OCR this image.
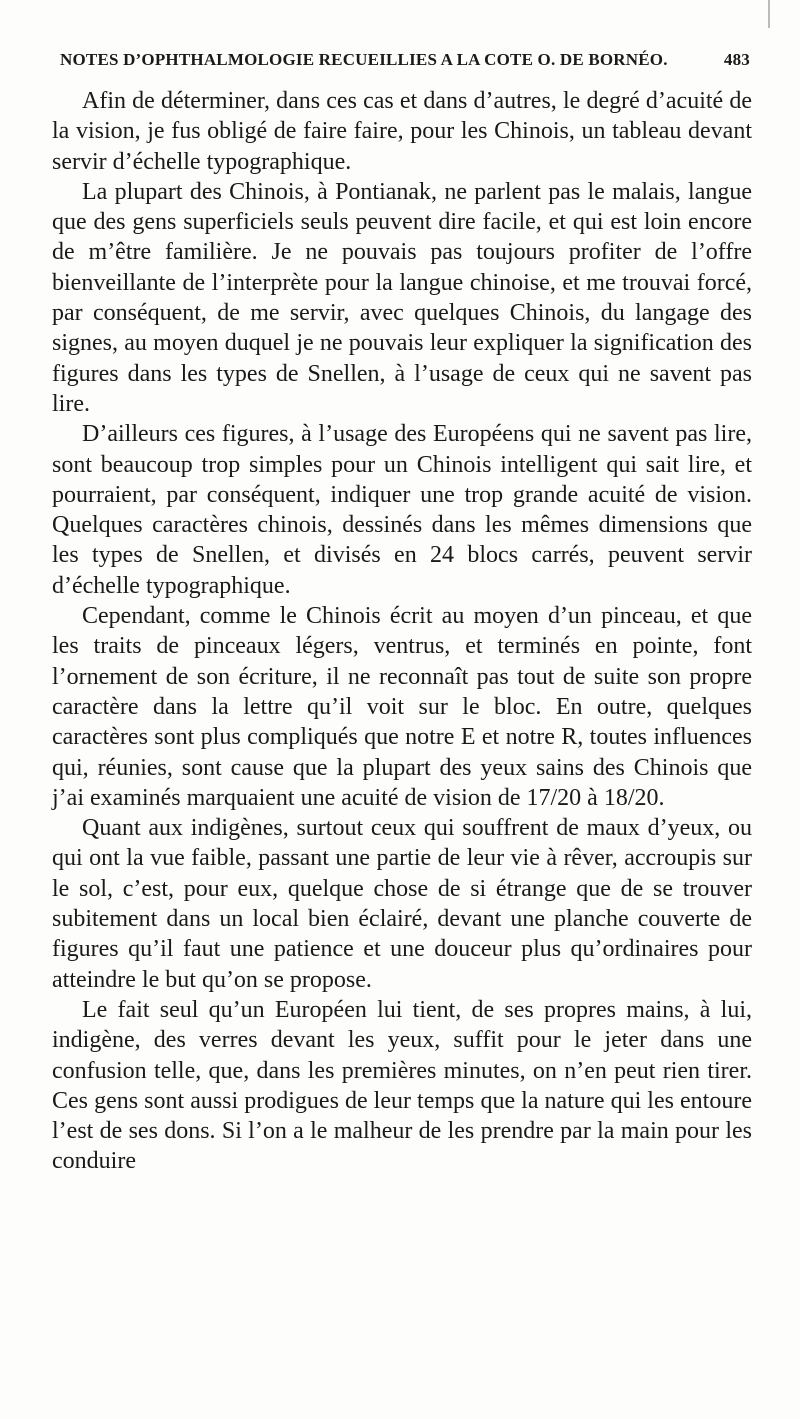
NOTES D’OPHTHALMOLOGIE RECUEILLIES A LA COTE O. DE BORNÉO.	483

Afin de déterminer, dans ces cas et dans d’autres, le degré d’acuité de la vision, je fus obligé de faire faire, pour les Chinois, un tableau devant servir d’échelle typographique.

La plupart des Chinois, à Pontianak, ne parlent pas le malais, langue que des gens superficiels seuls peuvent dire facile, et qui est loin encore de m’être familière. Je ne pouvais pas toujours profiter de l’offre bienveillante de l’interprète pour la langue chinoise, et me trouvai forcé, par conséquent, de me servir, avec quelques Chinois, du langage des signes, au moyen duquel je ne pouvais leur expliquer la signification des figures dans les types de Snellen, à l’usage de ceux qui ne savent pas lire.

D’ailleurs ces figures, à l’usage des Européens qui ne savent pas lire, sont beaucoup trop simples pour un Chinois intelligent qui sait lire, et pourraient, par conséquent, indiquer une trop grande acuité de vision. Quelques caractères chinois, dessinés dans les mêmes dimensions que les types de Snellen, et divisés en 24 blocs carrés, peuvent servir d’échelle typographique.

Cependant, comme le Chinois écrit au moyen d’un pinceau, et que les traits de pinceaux légers, ventrus, et terminés en pointe, font l’ornement de son écriture, il ne reconnaît pas tout de suite son propre caractère dans la lettre qu’il voit sur le bloc. En outre, quelques caractères sont plus compliqués que notre E et notre R, toutes influences qui, réunies, sont cause que la plupart des yeux sains des Chinois que j’ai examinés marquaient une acuité de vision de 17/20 à 18/20.

Quant aux indigènes, surtout ceux qui souffrent de maux d’yeux, ou qui ont la vue faible, passant une partie de leur vie à rêver, accroupis sur le sol, c’est, pour eux, quelque chose de si étrange que de se trouver subitement dans un local bien éclairé, devant une planche couverte de figures qu’il faut une patience et une douceur plus qu’ordinaires pour atteindre le but qu’on se propose.

Le fait seul qu’un Européen lui tient, de ses propres mains, à lui, indigène, des verres devant les yeux, suffit pour le jeter dans une confusion telle, que, dans les premières minutes, on n’en peut rien tirer. Ces gens sont aussi prodigues de leur temps que la nature qui les entoure l’est de ses dons. Si l’on a le malheur de les prendre par la main pour les conduire
